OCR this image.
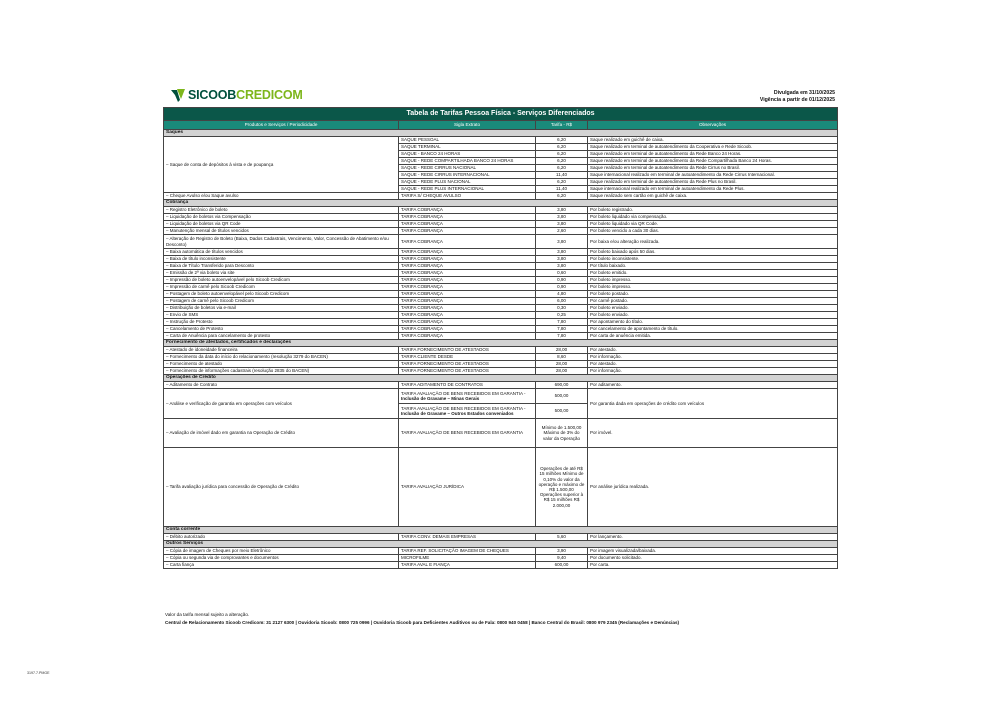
SICOOBCREDICOM	Divulgada em 31/10/2025
Vigência a partir de 01/12/2025
Tabela de Tarifas Pessoa Física - Serviços Diferenciados			
Produtos e Serviços / Periodicidade	Sigla Extrato	Tarifa - R$	Observações
Saques			
– Saque de conta de depósitos à vista e de poupança	SAQUE PESSOAL	6,20	Saque realizado em guichê de caixa.
	SAQUE TERMINAL	6,20	Saque realizado em terminal de autoatendimento da Cooperativa e Rede Sicoob.
	SAQUE - BANCO 24 HORAS	6,20	Saque realizado em terminal de autoatendimento da Rede Banco 24 Horas.
	SAQUE - REDE COMPARTILHADA BANCO 24 HORAS	6,20	Saque realizado em terminal de autoatendimento da Rede Compartilhada Banco 24 Horas.
	SAQUE - REDE CIRRUS NACIONAL	6,20	Saque realizado em terminal de autoatendimento da Rede Cirrus no Brasil.
	SAQUE - REDE CIRRUS INTERNACIONAL	11,40	Saque internacional realizado em terminal de autoatendimento da Rede Cirrus Internacional.
	SAQUE - REDE PLUS NACIONAL	6,20	Saque realizado em terminal de autoatendimento da Rede Plus no Brasil.
	SAQUE - REDE PLUS INTERNACIONAL	11,40	Saque internacional realizado em terminal de autoatendimento da Rede Plus.
– Cheque Avulso e/ou Saque avulso	TARIFA S/ CHEQUE AVULSO	6,20	Saque realizado sem cartão em guichê de caixa.
Cobrança			
– Registro Eletrônico de boleto	TARIFA COBRANÇA	3,80	Por boleto registrado.
– Liquidação de boletos via Compensação	TARIFA COBRANÇA	3,80	Por boleto liquidado via compensação.
– Liquidação de boletos via QR Code	TARIFA COBRANÇA	3,80	Por boleto liquidado via QR Code.
– Manutenção mensal de títulos vencidos	TARIFA COBRANÇA	2,60	Por boleto vencido a cada 30 dias.
– Alteração de Registro de Boleto (Baixa, Dados Cadastrais, Vencimento, Valor, Concessão de Abatimento e/ou Desconto)	TARIFA COBRANÇA	3,80	Por baixa e/ou alteração realizada.
– Baixa automática de títulos vencidos	TARIFA COBRANÇA	3,80	Por boleto baixado após 50 dias.
– Baixa de título inconsistente	TARIFA COBRANÇA	3,80	Por boleto inconsistente.
– Baixa de Título Transferido para Desconto	TARIFA COBRANÇA	3,80	Por título baixado.
– Emissão de 2ª via boleto via site	TARIFA COBRANÇA	0,60	Por boleto emitido.
– Impressão de boleto autoenvelopável pelo Sicoob Credicom	TARIFA COBRANÇA	0,90	Por boleto impresso.
– Impressão de carnê pelo Sicoob Credicom	TARIFA COBRANÇA	0,90	Por boleto impresso.
– Postagem de boleto autoenvelopável pelo Sicoob Credicom	TARIFA COBRANÇA	4,80	Por boleto postado.
– Postagem de carnê pelo Sicoob Credicom	TARIFA COBRANÇA	6,00	Por carnê postado.
– Distribuição de boletos via e-mail	TARIFA COBRANÇA	0,30	Por boleto enviado.
– Envio de SMS	TARIFA COBRANÇA	0,25	Por boleto enviado.
– Instrução de Protesto	TARIFA COBRANÇA	7,80	Por apontamento do título.
– Cancelamento de Protesto	TARIFA COBRANÇA	7,80	Por cancelamento de apontamento de título.
– Carta de Anuência para cancelamento de protesto	TARIFA COBRANÇA	7,80	Por carta de anuência emitida.
Fornecimento de atestados, certificados e declarações			
– Atestado de idoneidade financeira	TARIFA FORNECIMENTO DE ATESTADOS	28,00	Por atestado.
– Fornecimento da data do início do relacionamento (resolução 3279 do BACEN)	TARIFA CLIENTE DESDE	8,60	Por informação.
– Fornecimento de atestado	TARIFA FORNECIMENTO DE ATESTADOS	28,00	Por atestado.
– Fornecimento de informações cadastrais (resolução 2835 do BACEN)	TARIFA FORNECIMENTO DE ATESTADOS	28,00	Por informação.
Operações de Crédito			
– Aditamento de Contrato	TARIFA ADITAMENTO DE CONTRATOS	690,00	Por aditamento.
– Análise e verificação de garantia em operações com veículos	TARIFA AVALIAÇÃO DE BENS RECEBIDOS EM GARANTIA -
Inclusão de Gravame – Minas Gerais	500,00	Por garantia dada em operações de crédito com veículos

	TARIFA AVALIAÇÃO DE BENS RECEBIDOS EM GARANTIA -
Inclusão de Gravame – Outros Estados conveniados	500,00	
– Avaliação de imóvel dado em garantia na Operação de Crédito	TARIFA AVALIAÇÃO DE BENS RECEBIDOS EM GARANTIA	Mínimo de 1.500,00 Máximo de 3% do valor da Operação	Por imóvel.
– Tarifa avaliação jurídica para concessão de Operação de Crédito	TARIFA AVALIAÇÃO JURÍDICA	Operações de até R$ 15 milhões Mínimo de 0,10% do valor da operação e máximo de R$ 1.500,00 Operações superior à R$ 15 milhões R$ 2.000,00	Por análise jurídica realizada.
Conta corrente			
– Débito autorizado	TARIFA CONV. DEMAIS EMPRESAS	5,60	Por lançamento.
Outros Serviços			
– Cópia de imagem de Cheques por meio Eletrônico	TARIFA REF. SOLICITAÇÃO IMAGEM DE CHEQUES	3,90	Por imagem visualizada/baixada.
– Cópia ou segunda via de comprovantes e documentos	MICROFILME	9,40	Por documento solicitado.
– Carta fiança	TARIFA AVAL E FIANÇA	600,00	Por carta.
Valor da tarifa mensal sujeito a alteração.
Central de Relacionamento Sicoob Credicom: 31 2127 6300 | Ouvidoria Sicoob: 0800 725 0996 | Ouvidoria Sicoob para Deficientes Auditivos ou de Fala: 0800 940 0458 | Banco Central do Brasil: 0800 979 2345 (Reclamações e Denúncias)
3197.7.PMGE
